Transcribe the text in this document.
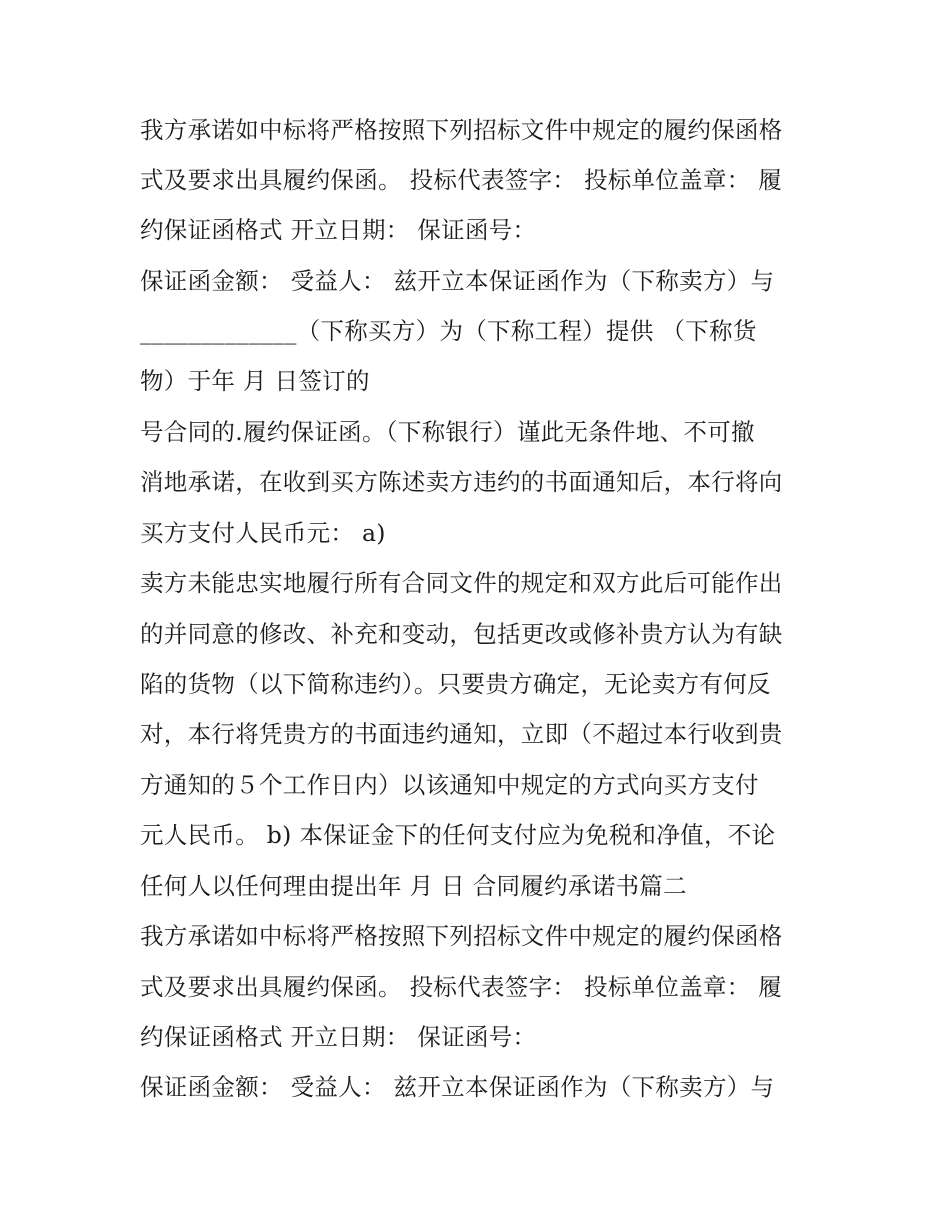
我方承诺如中标将严格按照下列招标文件中规定的履约保函格
式及要求出具履约保函。 投标代表签字： 投标单位盖章： 履
约保证函格式 开立日期： 保证函号：
保证函金额： 受益人： 兹开立本保证函作为（下称卖方）与
_____________（下称买方）为（下称工程）提供 （下称货
物）于年 月 日签订的
号合同的.履约保证函。（下称银行）谨此无条件地、不可撤
消地承诺，在收到买方陈述卖方违约的书面通知后，本行将向
买方支付人民币元： a)
卖方未能忠实地履行所有合同文件的规定和双方此后可能作出
的并同意的修改、补充和变动，包括更改或修补贵方认为有缺
陷的货物（以下简称违约）。只要贵方确定，无论卖方有何反
对，本行将凭贵方的书面违约通知，立即（不超过本行收到贵
方通知的５个工作日内）以该通知中规定的方式向买方支付
元人民币。 b) 本保证金下的任何支付应为免税和净值，不论
任何人以任何理由提出年 月 日 合同履约承诺书篇二
我方承诺如中标将严格按照下列招标文件中规定的履约保函格
式及要求出具履约保函。 投标代表签字： 投标单位盖章： 履
约保证函格式 开立日期： 保证函号：
保证函金额： 受益人： 兹开立本保证函作为（下称卖方）与
